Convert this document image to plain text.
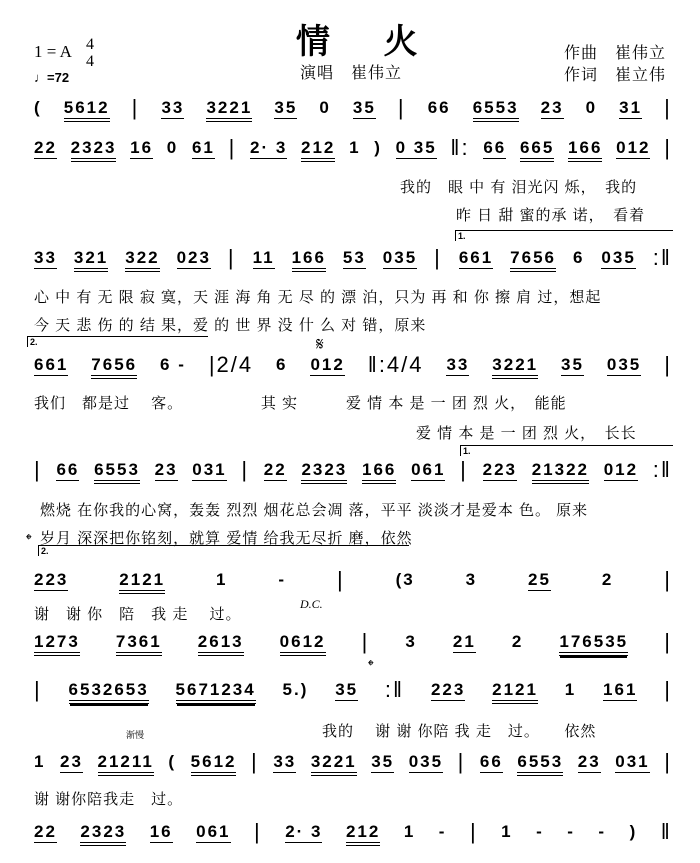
情 火
演唱　崔伟立
作曲　崔伟立
作词　崔立伟
1 = A 4
4
♩=72
( 5612 | 33 3221 35 0 35 | 66 6553 23 0 31 |
22 2323 16 0 61 | 2· 3 212 1 ) 0 35 ‖: 66 665 166 012 |
33 321 322 023 | 11 166 53 035 | 661 7656 6 035 :‖
661 7656 6 - |2/4 6 012 ‖:4/4 33 3221 35 035 |
| 66 6553 23 031 | 22 2323 166 061 | 223 21322 012 :‖
223	2121	1	- |	(3	3	25	2 |
1273 7361 2613 0612 | 3 21 2 176535 |
| 6532653 5671234 5.) 35 :‖ 223 2121 1 161 |
1 23 21211 ( 5612 | 33 3221 35 035 | 66 6553 23 031 |
22 2323 16 061 | 2· 3 212 1 - | 1 - - - ) ‖
我的　眼 中 有 泪光闪 烁，　我的
昨 日 甜 蜜的承 诺，　看着
心 中 有 无 限 寂 寞，天 涯 海 角 无 尽 的 漂 泊，只为 再 和 你 擦 肩 过，想起
今 天 悲 伤 的 结 果，爱 的 世 界 没 什 么 对 错，原来
我们　都是过　 客。　　　　　 其 实　　　爱 情 本 是 一 团 烈 火，　能能
爱 情 本 是 一 团 烈 火，　长长
燃烧 在你我的心窝，轰轰 烈烈 烟花总会凋 落，平平 淡淡才是爱本 色。 原来
岁月 深深把你铭刻，就算 爱情 给我无尽折 磨，依然
谢　谢 你　陪　我 走　 过。
我的　 谢 谢 你陪 我 走　过。　　依然
谢 谢你陪我走　过。
D.C.
𝄋
𝄌
𝄌
渐慢
1.
2.
1.
2.
